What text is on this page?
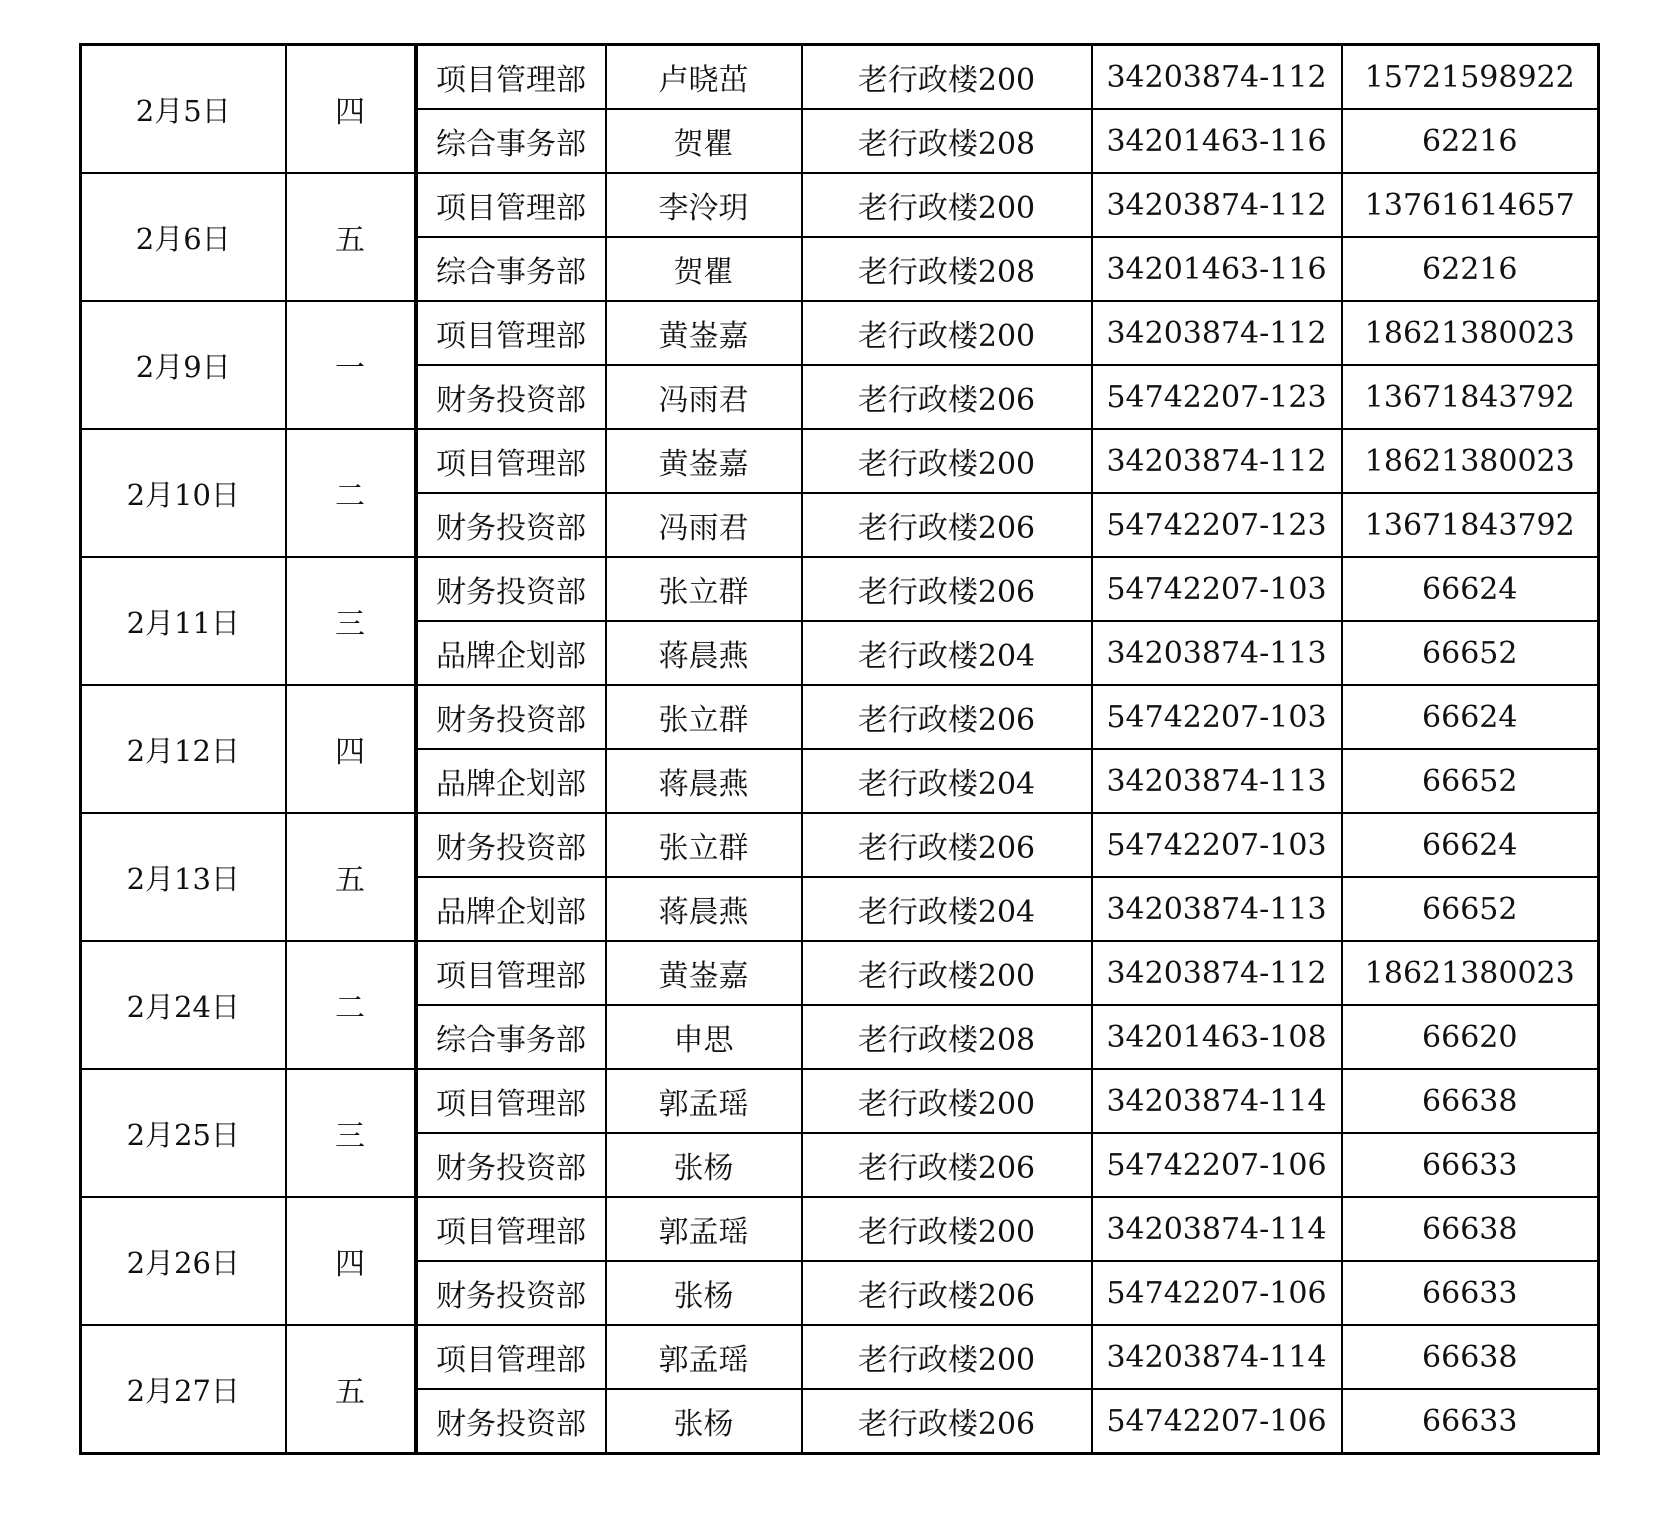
2月5日	四	项目管理部	卢晓茁	老行政楼200	34203874-112	15721598922
		综合事务部	贺瞿	老行政楼208	34201463-116	62216
2月6日	五	项目管理部	李泠玥	老行政楼200	34203874-112	13761614657
		综合事务部	贺瞿	老行政楼208	34201463-116	62216
2月9日	一	项目管理部	黄崟嘉	老行政楼200	34203874-112	18621380023
		财务投资部	冯雨君	老行政楼206	54742207-123	13671843792
2月10日	二	项目管理部	黄崟嘉	老行政楼200	34203874-112	18621380023
		财务投资部	冯雨君	老行政楼206	54742207-123	13671843792
2月11日	三	财务投资部	张立群	老行政楼206	54742207-103	66624
		品牌企划部	蒋晨燕	老行政楼204	34203874-113	66652
2月12日	四	财务投资部	张立群	老行政楼206	54742207-103	66624
		品牌企划部	蒋晨燕	老行政楼204	34203874-113	66652
2月13日	五	财务投资部	张立群	老行政楼206	54742207-103	66624
		品牌企划部	蒋晨燕	老行政楼204	34203874-113	66652
2月24日	二	项目管理部	黄崟嘉	老行政楼200	34203874-112	18621380023
		综合事务部	申思	老行政楼208	34201463-108	66620
2月25日	三	项目管理部	郭孟瑶	老行政楼200	34203874-114	66638
		财务投资部	张杨	老行政楼206	54742207-106	66633
2月26日	四	项目管理部	郭孟瑶	老行政楼200	34203874-114	66638
		财务投资部	张杨	老行政楼206	54742207-106	66633
2月27日	五	项目管理部	郭孟瑶	老行政楼200	34203874-114	66638
		财务投资部	张杨	老行政楼206	54742207-106	66633
